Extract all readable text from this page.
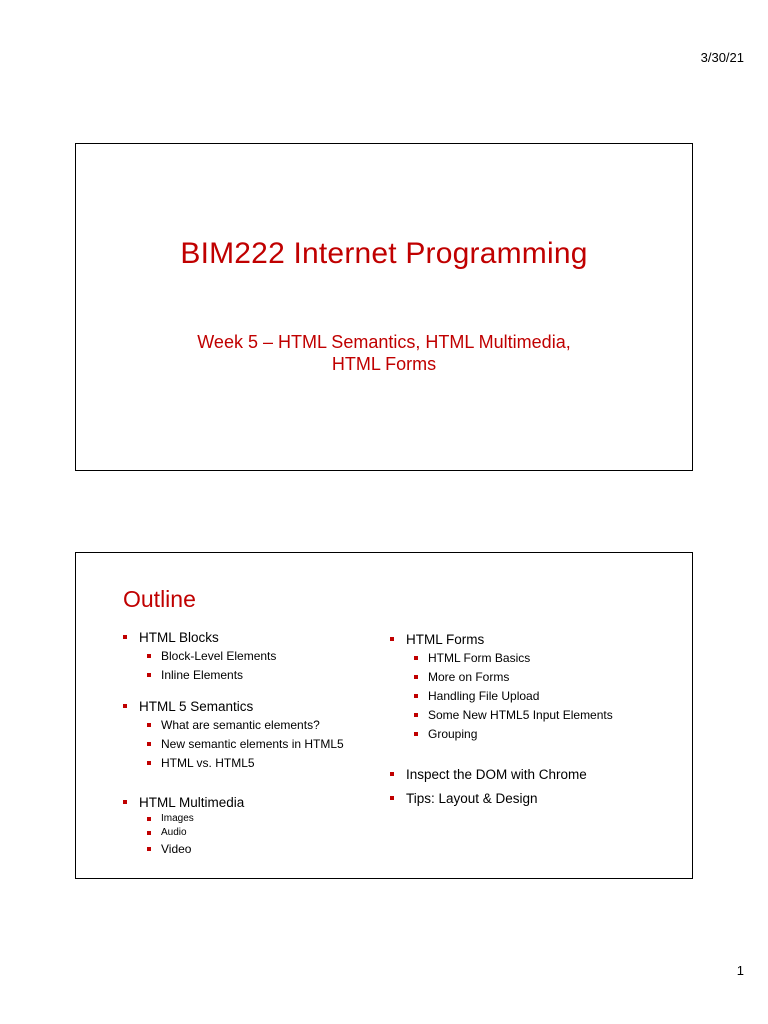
3/30/21
BIM222 Internet Programming
Week 5 – HTML Semantics, HTML Multimedia,
HTML Forms
Outline
HTML Blocks
Block-Level Elements
Inline Elements
HTML 5 Semantics
What are semantic elements?
New semantic elements in HTML5
HTML vs. HTML5
HTML Multimedia
Images
Audio
Video
HTML Forms
HTML Form Basics
More on Forms
Handling File Upload
Some New HTML5 Input Elements
Grouping
Inspect the DOM with Chrome
Tips: Layout & Design
1
